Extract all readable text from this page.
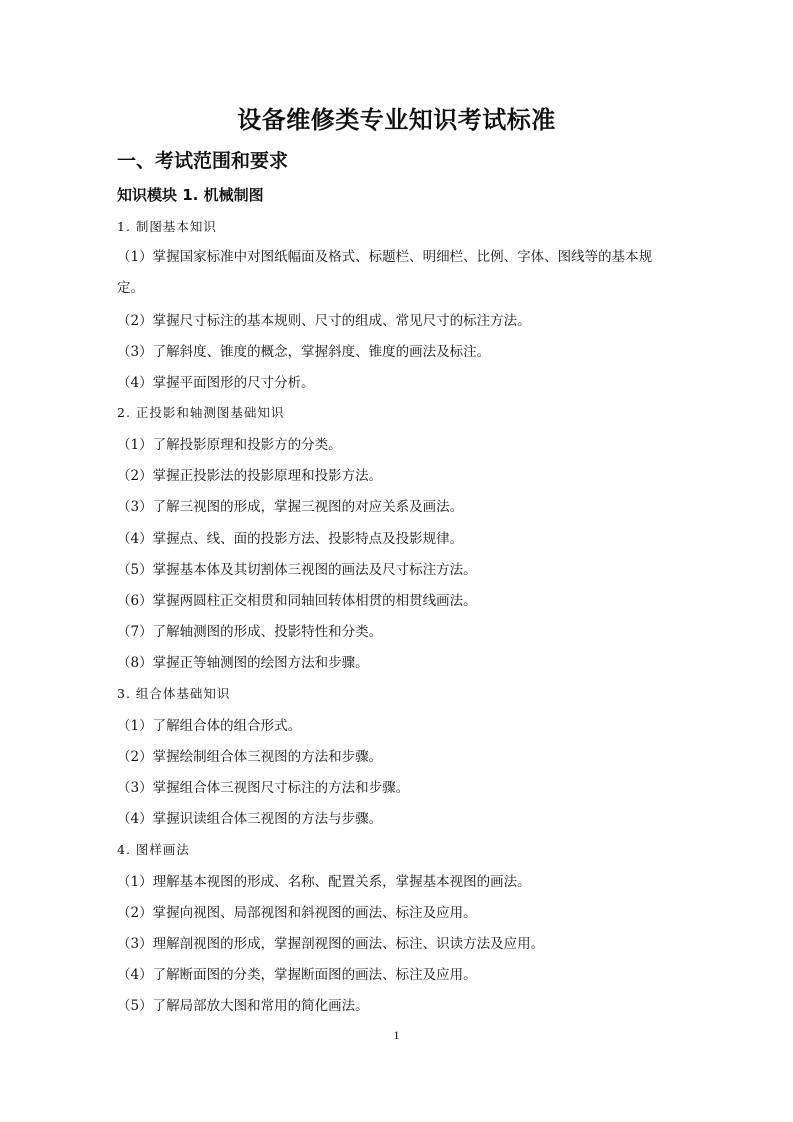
设备维修类专业知识考试标准
一、考试范围和要求
知识模块 1. 机械制图
1. 制图基本知识
（1）掌握国家标准中对图纸幅面及格式、标题栏、明细栏、比例、字体、图线等的基本规
定。
（2）掌握尺寸标注的基本规则、尺寸的组成、常见尺寸的标注方法。
（3）了解斜度、锥度的概念，掌握斜度、锥度的画法及标注。
（4）掌握平面图形的尺寸分析。
2. 正投影和轴测图基础知识
（1）了解投影原理和投影方的分类。
（2）掌握正投影法的投影原理和投影方法。
（3）了解三视图的形成，掌握三视图的对应关系及画法。
（4）掌握点、线、面的投影方法、投影特点及投影规律。
（5）掌握基本体及其切割体三视图的画法及尺寸标注方法。
（6）掌握两圆柱正交相贯和同轴回转体相贯的相贯线画法。
（7）了解轴测图的形成、投影特性和分类。
（8）掌握正等轴测图的绘图方法和步骤。
3. 组合体基础知识
（1）了解组合体的组合形式。
（2）掌握绘制组合体三视图的方法和步骤。
（3）掌握组合体三视图尺寸标注的方法和步骤。
（4）掌握识读组合体三视图的方法与步骤。
4. 图样画法
（1）理解基本视图的形成、名称、配置关系，掌握基本视图的画法。
（2）掌握向视图、局部视图和斜视图的画法、标注及应用。
（3）理解剖视图的形成，掌握剖视图的画法、标注、识读方法及应用。
（4）了解断面图的分类，掌握断面图的画法、标注及应用。
（5）了解局部放大图和常用的简化画法。
1
